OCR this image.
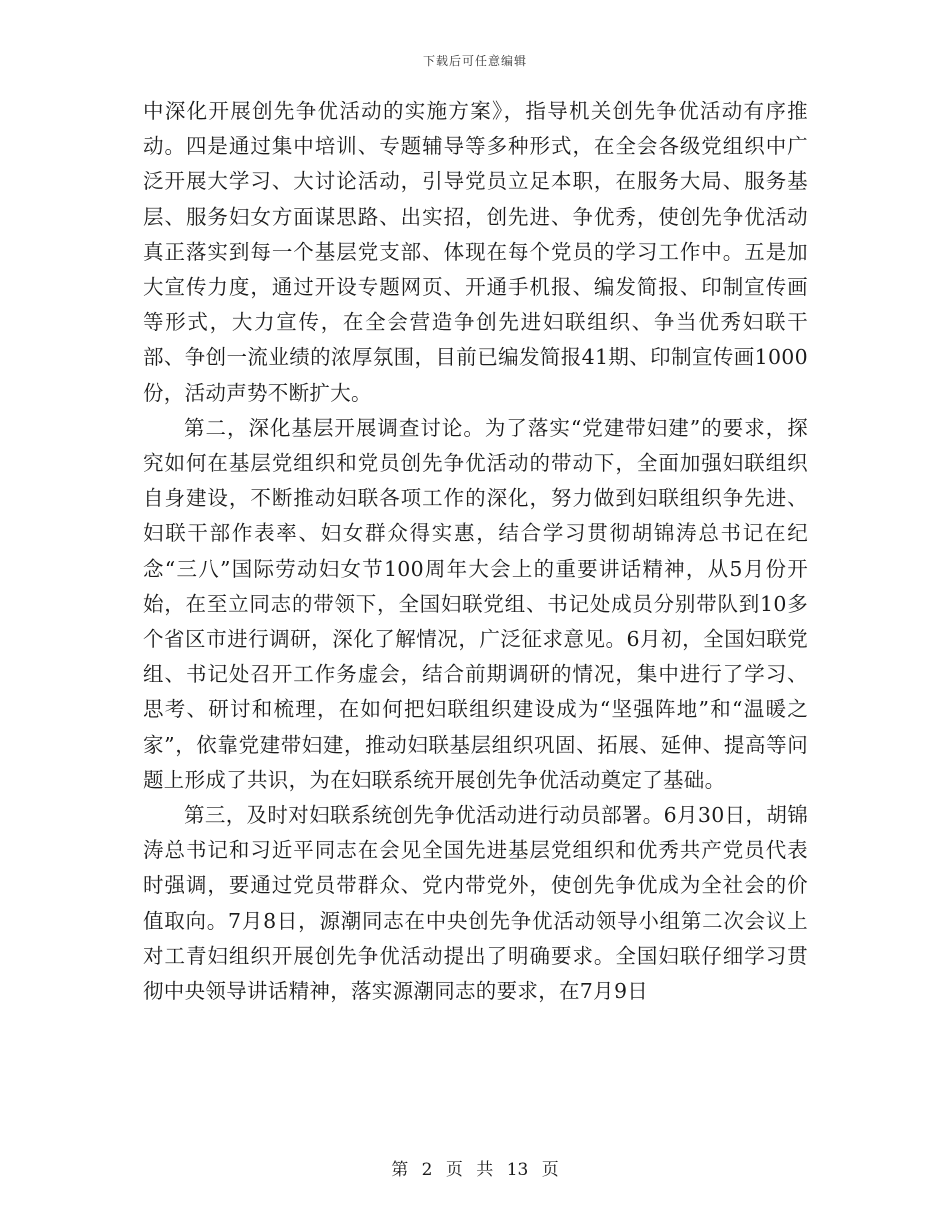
下载后可任意编辑

中深化开展创先争优活动的实施方案》，指导机关创先争优活动有序推动。四是通过集中培训、专题辅导等多种形式，在全会各级党组织中广泛开展大学习、大讨论活动，引导党员立足本职，在服务大局、服务基层、服务妇女方面谋思路、出实招，创先进、争优秀，使创先争优活动真正落实到每一个基层党支部、体现在每个党员的学习工作中。五是加大宣传力度，通过开设专题网页、开通手机报、编发简报、印制宣传画等形式，大力宣传，在全会营造争创先进妇联组织、争当优秀妇联干部、争创一流业绩的浓厚氛围，目前已编发简报41期、印制宣传画1000份，活动声势不断扩大。

第二，深化基层开展调查讨论。为了落实“党建带妇建”的要求，探究如何在基层党组织和党员创先争优活动的带动下，全面加强妇联组织自身建设，不断推动妇联各项工作的深化，努力做到妇联组织争先进、妇联干部作表率、妇女群众得实惠，结合学习贯彻胡锦涛总书记在纪念“三八”国际劳动妇女节100周年大会上的重要讲话精神，从5月份开始，在至立同志的带领下，全国妇联党组、书记处成员分别带队到10多个省区市进行调研，深化了解情况，广泛征求意见。6月初，全国妇联党组、书记处召开工作务虚会，结合前期调研的情况，集中进行了学习、思考、研讨和梳理，在如何把妇联组织建设成为“坚强阵地”和“温暖之家”，依靠党建带妇建，推动妇联基层组织巩固、拓展、延伸、提高等问题上形成了共识，为在妇联系统开展创先争优活动奠定了基础。

第三，及时对妇联系统创先争优活动进行动员部署。6月30日，胡锦涛总书记和习近平同志在会见全国先进基层党组织和优秀共产党员代表时强调，要通过党员带群众、党内带党外，使创先争优成为全社会的价值取向。7月8日，源潮同志在中央创先争优活动领导小组第二次会议上对工青妇组织开展创先争优活动提出了明确要求。全国妇联仔细学习贯彻中央领导讲话精神，落实源潮同志的要求，在7月9日

第 2 页 共 13 页
